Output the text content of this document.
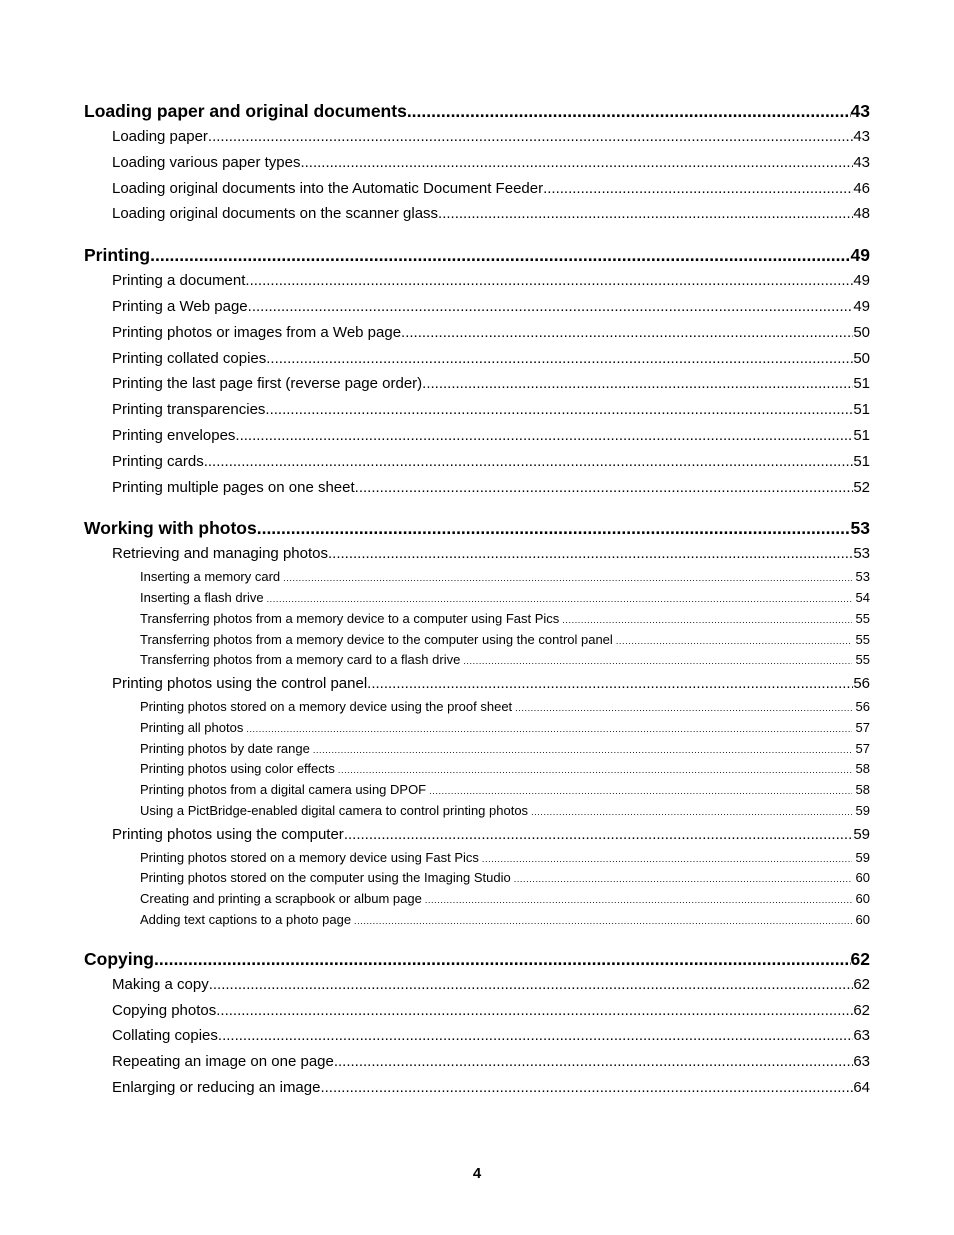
Loading paper and original documents .....	43
Loading paper .....	43
Loading various paper types .....	43
Loading original documents into the Automatic Document Feeder .....	46
Loading original documents on the scanner glass .....	48
Printing .....	49
Printing a document .....	49
Printing a Web page .....	49
Printing photos or images from a Web page .....	50
Printing collated copies .....	50
Printing the last page first (reverse page order) .....	51
Printing transparencies .....	51
Printing envelopes .....	51
Printing cards .....	51
Printing multiple pages on one sheet .....	52
Working with photos .....	53
Retrieving and managing photos .....	53
Inserting a memory card .....	53
Inserting a flash drive .....	54
Transferring photos from a memory device to a computer using Fast Pics .....	55
Transferring photos from a memory device to the computer using the control panel .....	55
Transferring photos from a memory card to a flash drive .....	55
Printing photos using the control panel .....	56
Printing photos stored on a memory device using the proof sheet .....	56
Printing all photos .....	57
Printing photos by date range .....	57
Printing photos using color effects .....	58
Printing photos from a digital camera using DPOF .....	58
Using a PictBridge-enabled digital camera to control printing photos .....	59
Printing photos using the computer .....	59
Printing photos stored on a memory device using Fast Pics .....	59
Printing photos stored on the computer using the Imaging Studio .....	60
Creating and printing a scrapbook or album page .....	60
Adding text captions to a photo page .....	60
Copying .....	62
Making a copy .....	62
Copying photos .....	62
Collating copies .....	63
Repeating an image on one page .....	63
Enlarging or reducing an image .....	64
4
